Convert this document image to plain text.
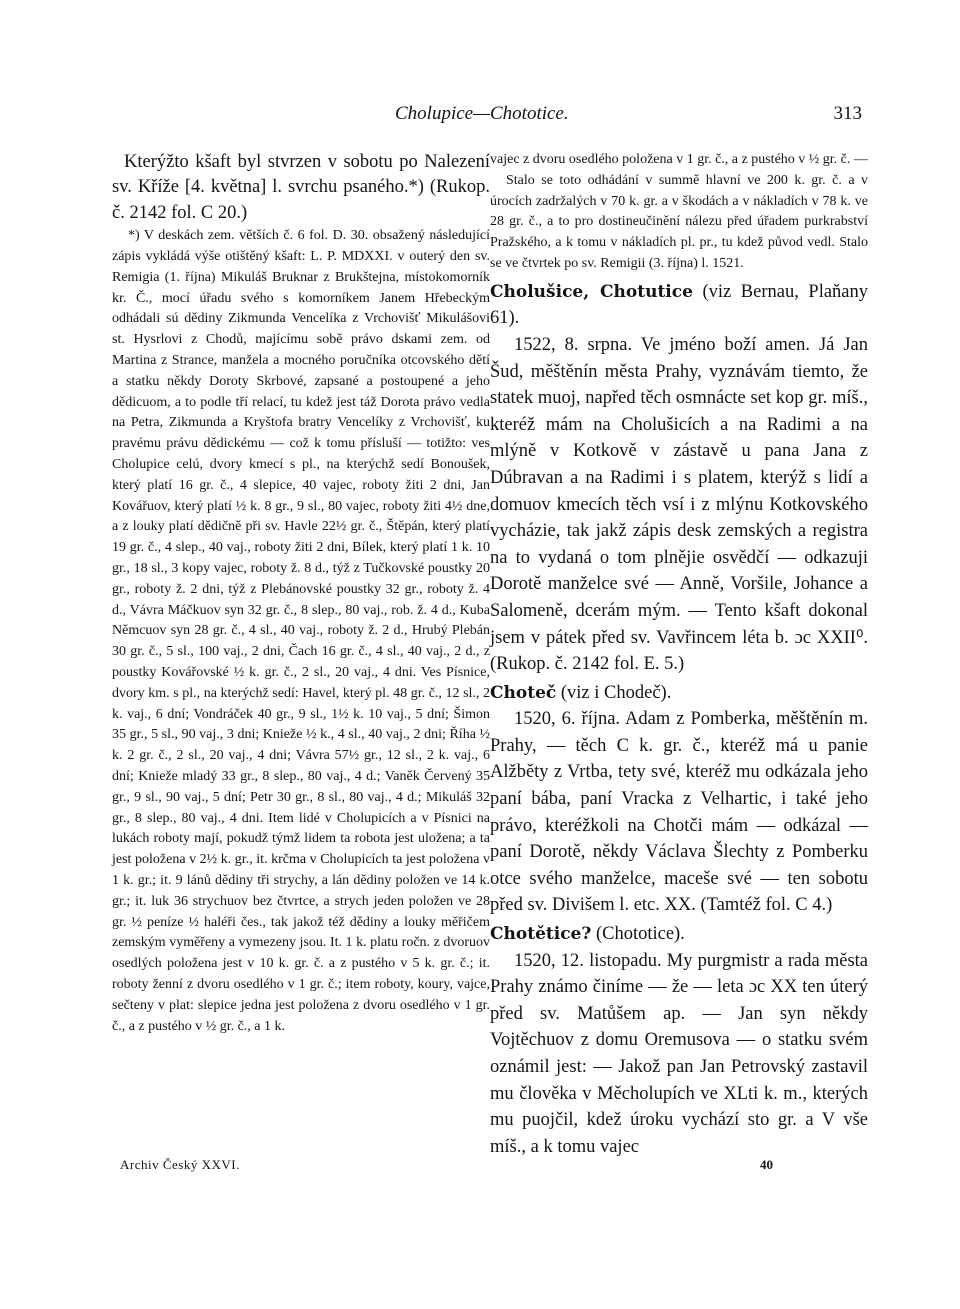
Cholupice—Chototice.	313

Kterýžto kšaft byl stvrzen v sobotu po Nalezení sv. Kříže [4. května] l. svrchu psaného.*) (Rukop. č. 2142 fol. C 20.)

*) V deskách zem. větších č. 6 fol. D. 30. obsažený následující zápis vykládá výše otištěný kšaft: L. P. MDXXI. v outerý den sv. Remigia (1. října) Mikuláš Bruknar z Brukštejna, místokomorník kr. Č., mocí úřadu svého s komorníkem Janem Hřebeckým odhádali sú dědiny Zikmunda Vencelíka z Vrchovišť Mikulášovi st. Hysrlovi z Chodů, majícímu sobě právo dskami zem. od Martina z Strance, manžela a mocného poručníka otcovského dětí a statku někdy Doroty Skrbové, zapsané a postoupené a jeho dědicuom, a to podle tří relací, tu kdež jest táž Dorota právo vedla na Petra, Zikmunda a Kryštofa bratry Vencelíky z Vrchovišť, ku pravému právu dědickému — což k tomu přísluší — totižto: ves Cholupice celú, dvory kmecí s pl., na kterýchž sedí Bonoušek, který platí 16 gr. č., 4 slepice, 40 vajec, roboty žiti 2 dni, Jan Kovářuov, který platí ½ k. 8 gr., 9 sl., 80 vajec, roboty žiti 4½ dne, a z louky platí dědičně při sv. Havle 22½ gr. č., Štěpán, který platí 19 gr. č., 4 slep., 40 vaj., roboty žiti 2 dni, Bílek, který platí 1 k. 10 gr., 18 sl., 3 kopy vajec, roboty ž. 8 d., týž z Tučkovské poustky 20 gr., roboty ž. 2 dni, týž z Plebánovské poustky 32 gr., roboty ž. 4 d., Vávra Máčkuov syn 32 gr. č., 8 slep., 80 vaj., rob. ž. 4 d., Kuba Němcuov syn 28 gr. č., 4 sl., 40 vaj., roboty ž. 2 d., Hrubý Plebán 30 gr. č., 5 sl., 100 vaj., 2 dni, Čach 16 gr. č., 4 sl., 40 vaj., 2 d., z poustky Kovářovské ½ k. gr. č., 2 sl., 20 vaj., 4 dni. Ves Písnice, dvory km. s pl., na kterýchž sedí: Havel, který pl. 48 gr. č., 12 sl., 2 k. vaj., 6 dní; Vondráček 40 gr., 9 sl., 1½ k. 10 vaj., 5 dní; Šimon 35 gr., 5 sl., 90 vaj., 3 dni; Knieže ½ k., 4 sl., 40 vaj., 2 dni; Říha ½ k. 2 gr. č., 2 sl., 20 vaj., 4 dni; Vávra 57½ gr., 12 sl., 2 k. vaj., 6 dní; Knieže mladý 33 gr., 8 slep., 80 vaj., 4 d.; Vaněk Červený 35 gr., 9 sl., 90 vaj., 5 dní; Petr 30 gr., 8 sl., 80 vaj., 4 d.; Mikuláš 32 gr., 8 slep., 80 vaj., 4 dni. Item lidé v Cholupicích a v Písnici na lukách roboty mají, pokudž týmž lidem ta robota jest uložena; a ta jest položena v 2½ k. gr., it. krčma v Cholupicích ta jest položena v 1 k. gr.; it. 9 lánů dědiny tři strychy, a lán dědiny položen ve 14 k. gr.; it. luk 36 strychuov bez čtvrtce, a strych jeden položen ve 28 gr. ½ peníze ½ haléři čes., tak jakož též dědiny a louky měřičem zemským vyměřeny a vymezeny jsou. It. 1 k. platu ročn. z dvoruov osedlých položena jest v 10 k. gr. č. a z pustého v 5 k. gr. č.; it. roboty ženní z dvoru osedlého v 1 gr. č.; item roboty, koury, vajce, sečteny v plat: slepice jedna jest položena z dvoru osedlého v 1 gr. č., a z pustého v ½ gr. č., a 1 k.

vajec z dvoru osedlého položena v 1 gr. č., a z pustého v ½ gr. č. —

Stalo se toto odhádání v summě hlavní ve 200 k. gr. č. a v úrocích zadržalých v 70 k. gr. a v škodách a v nákladích v 78 k. ve 28 gr. č., a to pro dostineučinění nálezu před úřadem purkrabství Pražského, a k tomu v nákladích pl. pr., tu kdež původ vedl. Stalo se ve čtvrtek po sv. Remigii (3. října) l. 1521.

Cholušice, Chotutice (viz Bernau, Plaňany 61).

1522, 8. srpna. Ve jméno boží amen. Já Jan Šud, měštěnín města Prahy, vyznávám tiemto, že statek muoj, napřed těch osmnácte set kop gr. míš., kteréž mám na Cholušicích a na Radimi a na mlýně v Kotkově v zástavě u pana Jana z Dúbravan a na Radimi i s platem, kterýž s lidí a domuov kmecích těch vsí i z mlýnu Kotkovského vycházie, tak jakž zápis desk zemských a registra na to vydaná o tom plnějie osvědčí — odkazuji Dorotě manželce své — Anně, Voršile, Johance a Salomeně, dcerám mým. — Tento kšaft dokonal jsem v pátek před sv. Vavřincem léta b. ɔc XXII⁰. (Rukop. č. 2142 fol. E. 5.)

Choteč (viz i Chodeč).

1520, 6. října. Adam z Pomberka, měštěnín m. Prahy, — těch C k. gr. č., kteréž má u panie Alžběty z Vrtba, tety své, kteréž mu odkázala jeho paní bába, paní Vracka z Velhartic, i také jeho právo, kteréžkoli na Chotči mám — odkázal — paní Dorotě, někdy Václava Šlechty z Pomberku otce svého manželce, maceše své — ten sobotu před sv. Divišem l. etc. XX. (Tamtéž fol. C 4.)

Chotětice? (Chototice).

1520, 12. listopadu. My purgmistr a rada města Prahy známo činíme — že — leta ɔc XX ten úterý před sv. Matůšem ap. — Jan syn někdy Vojtěchuov z domu Oremusova — o statku svém oznámil jest: — Jakož pan Jan Petrovský zastavil mu člověka v Měcholupích ve XLti k. m., kterých mu puojčil, kdež úroku vychází sto gr. a V vše míš., a k tomu vajec

Archiv Český XXVI.	40
